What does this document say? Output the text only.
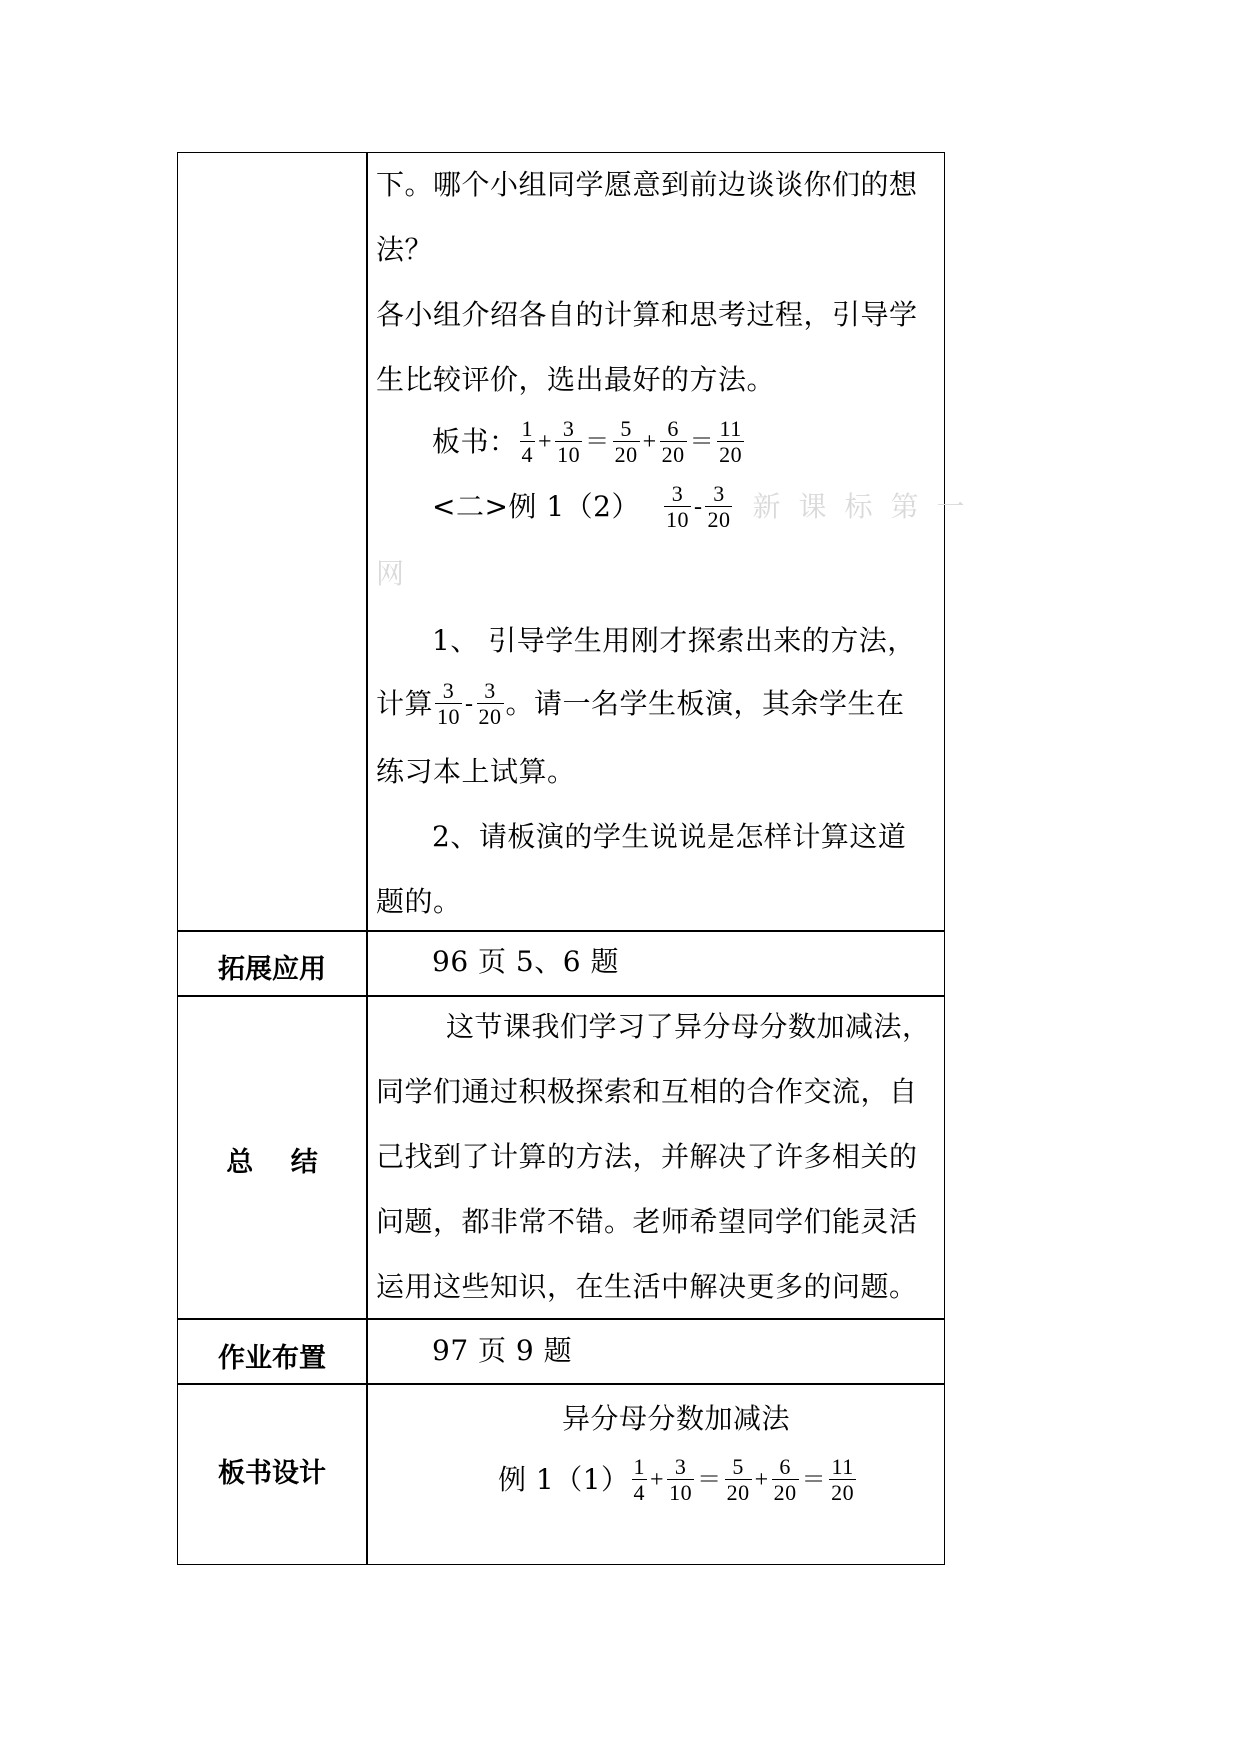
下。哪个小组同学愿意到前边谈谈你们的想
法？
各小组介绍各自的计算和思考过程，引导学
生比较评价，选出最好的方法。
板书： $\frac{1}{4} + \frac{3}{10} = \frac{5}{20} + \frac{6}{20} = \frac{11}{20}$
<二>例 $1(2) \frac{3}{10} - \frac{3}{20}$ 新课标第一
网
1、 引导学生用刚才探索出来的方法，
计算 $\frac{3}{10} - \frac{3}{20}$ 。请一名学生板演，其余学生在
练习本上试算。
2、请板演的学生说说是怎样计算这道
题的。
拓展应用	96 页 5、6 题
总    结
这节课我们学习了异分母分数加减法，
同学们通过积极探索和互相的合作交流，自
己找到了计算的方法，并解决了许多相关的
问题，都非常不错。老师希望同学们能灵活
运用这些知识，在生活中解决更多的问题。
作业布置	97 页 9 题
板书设计
异分母分数加减法
例 $1(1) \frac{1}{4} + \frac{3}{10} = \frac{5}{20} + \frac{6}{20} = \frac{11}{20}$
